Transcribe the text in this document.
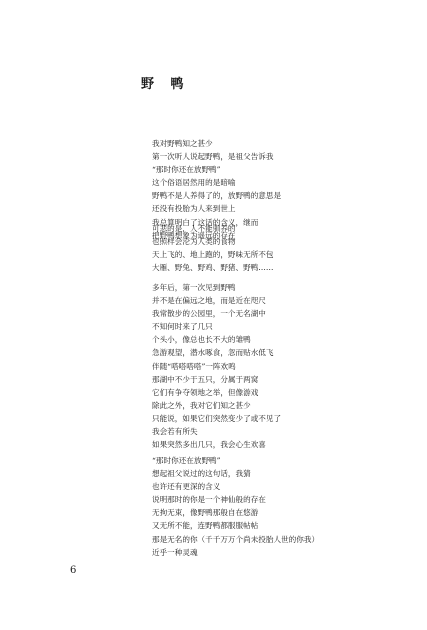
野 鸭
我对野鸭知之甚少
第一次听人说起野鸭，是祖父告诉我
“那时你还在放野鸭”
这个俗语居然用的是暗喻
野鸭不是人养得了的，放野鸭的意思是
还没有投胎为人来到世上
我总算明白了这话的含义，继而
把野鸭想象为遥远的存在
可悲的是，人不能驯养的
也照样会沦为人类的食物
天上飞的、地上跑的，野味无所不包
大雁、野兔、野鸡、野猪、野鸭……
多年后，第一次见到野鸭
并不是在偏远之地，而是近在咫尺
我常散步的公园里，一个无名湖中
不知何时来了几只
个头小，像总也长不大的雏鸭
急游观望，潜水啄食，忽而贴水低飞
伴随“嗒嗒嗒嗒”一阵欢鸣
那湖中不少于五只，分属于两窝
它们有争夺领地之举，但像游戏
除此之外，我对它们知之甚少
只能说，如果它们突然变少了或不见了
我会若有所失
如果突然多出几只，我会心生欢喜
“那时你还在放野鸭”
想起祖父说过的这句话，我猜
也许还有更深的含义
说明那时的你是一个神仙般的存在
无拘无束，像野鸭那般自在悠游
又无所不能，连野鸭都服服帖帖
那是无名的你（千千万万个尚未投胎人世的你我）
近乎一种灵魂

6
